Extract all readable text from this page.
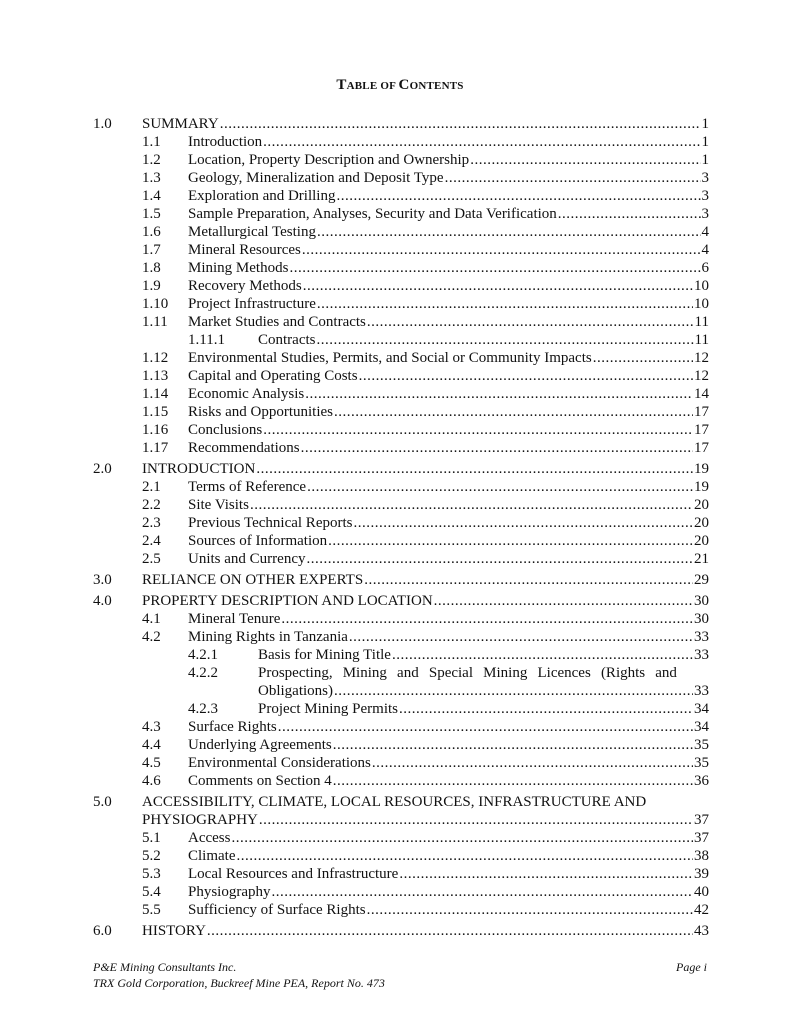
TABLE OF CONTENTS
1.0 SUMMARY .....	1
1.1 Introduction .....	1
1.2 Location, Property Description and Ownership .....	1
1.3 Geology, Mineralization and Deposit Type .....	3
1.4 Exploration and Drilling .....	3
1.5 Sample Preparation, Analyses, Security and Data Verification .....	3
1.6 Metallurgical Testing .....	4
1.7 Mineral Resources .....	4
1.8 Mining Methods .....	6
1.9 Recovery Methods .....	10
1.10 Project Infrastructure .....	10
1.11 Market Studies and Contracts .....	11
1.11.1 Contracts .....	11
1.12 Environmental Studies, Permits, and Social or Community Impacts .....	12
1.13 Capital and Operating Costs .....	12
1.14 Economic Analysis .....	14
1.15 Risks and Opportunities .....	17
1.16 Conclusions .....	17
1.17 Recommendations .....	17
2.0 INTRODUCTION .....	19
2.1 Terms of Reference .....	19
2.2 Site Visits .....	20
2.3 Previous Technical Reports .....	20
2.4 Sources of Information .....	20
2.5 Units and Currency .....	21
3.0 RELIANCE ON OTHER EXPERTS .....	29
4.0 PROPERTY DESCRIPTION AND LOCATION .....	30
4.1 Mineral Tenure .....	30
4.2 Mining Rights in Tanzania .....	33
4.2.1	Basis for Mining Title .....	33
4.2.2	Prospecting, Mining and Special Mining Licences (Rights and
Obligations) .....	33
4.2.3	Project Mining Permits .....	34
4.3 Surface Rights .....	34
4.4 Underlying Agreements .....	35
4.5 Environmental Considerations .....	35
4.6 Comments on Section 4 .....	36
5.0 ACCESSIBILITY, CLIMATE, LOCAL RESOURCES, INFRASTRUCTURE AND
PHYSIOGRAPHY .....	37
5.1 Access .....	37
5.2 Climate .....	38
5.3 Local Resources and Infrastructure .....	39
5.4 Physiography .....	40
5.5 Sufficiency of Surface Rights .....	42
6.0 HISTORY .....	43
P&E Mining Consultants Inc.	Page i
TRX Gold Corporation, Buckreef Mine PEA, Report No. 473
